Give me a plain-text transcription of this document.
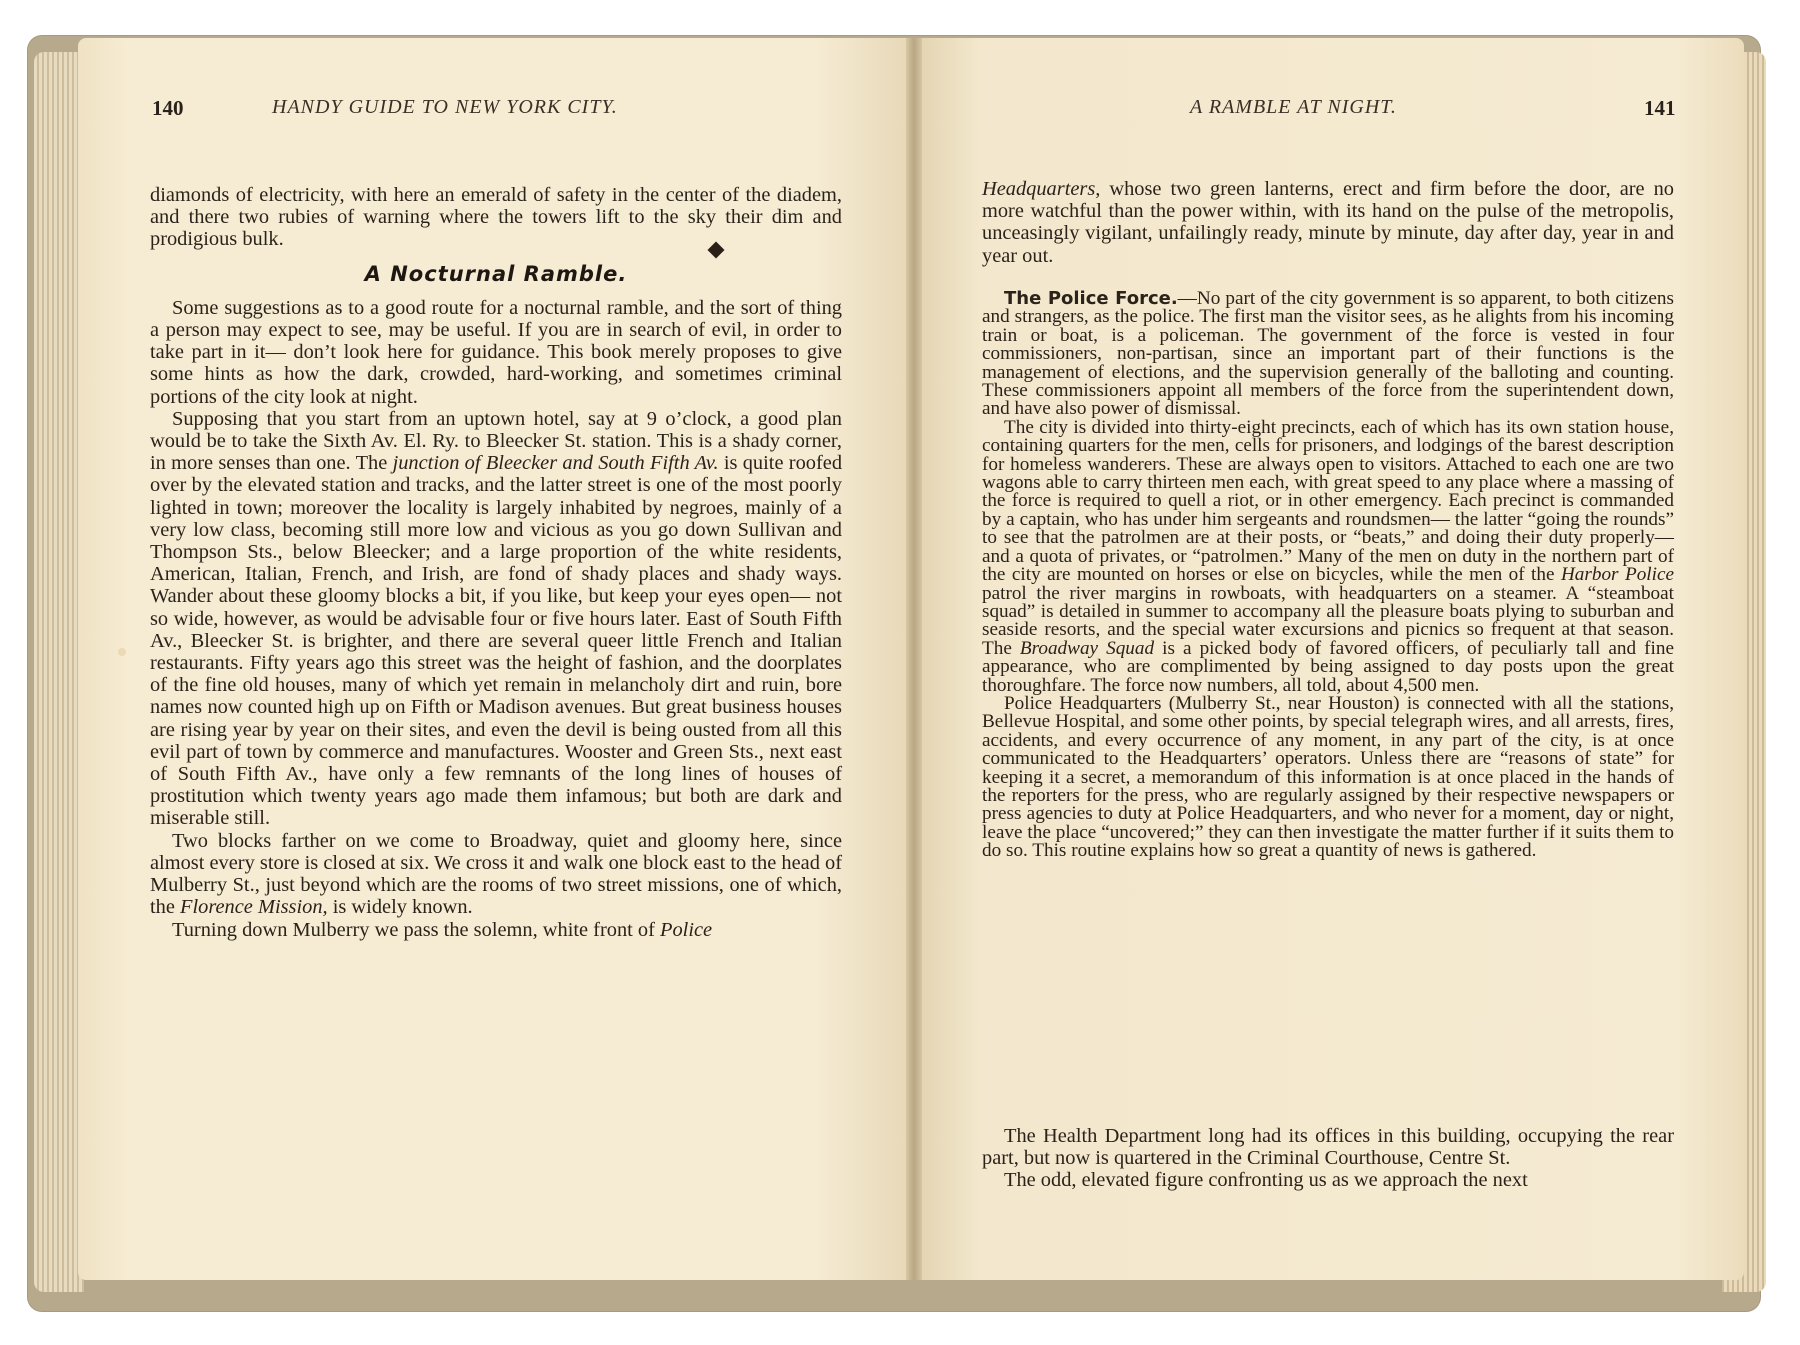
140	HANDY GUIDE TO NEW YORK CITY.

diamonds of electricity, with here an emerald of safety in the center of the diadem, and there two rubies of warning where the towers lift to the sky their dim and prodigious bulk.

A Nocturnal Ramble.

Some suggestions as to a good route for a nocturnal ramble, and the sort of thing a person may expect to see, may be useful. If you are in search of evil, in order to take part in it— don’t look here for guidance. This book merely proposes to give some hints as how the dark, crowded, hard-working, and sometimes criminal portions of the city look at night.

Supposing that you start from an uptown hotel, say at 9 o’clock, a good plan would be to take the Sixth Av. El. Ry. to Bleecker St. station. This is a shady corner, in more senses than one. The junction of Bleecker and South Fifth Av. is quite roofed over by the elevated station and tracks, and the latter street is one of the most poorly lighted in town; moreover the locality is largely inhabited by negroes, mainly of a very low class, becoming still more low and vicious as you go down Sullivan and Thompson Sts., below Bleecker; and a large proportion of the white residents, American, Italian, French, and Irish, are fond of shady places and shady ways. Wander about these gloomy blocks a bit, if you like, but keep your eyes open— not so wide, however, as would be advisable four or five hours later. East of South Fifth Av., Bleecker St. is brighter, and there are several queer little French and Italian restaurants. Fifty years ago this street was the height of fashion, and the doorplates of the fine old houses, many of which yet remain in melancholy dirt and ruin, bore names now counted high up on Fifth or Madison avenues. But great business houses are rising year by year on their sites, and even the devil is being ousted from all this evil part of town by commerce and manufactures. Wooster and Green Sts., next east of South Fifth Av., have only a few remnants of the long lines of houses of prostitution which twenty years ago made them infamous; but both are dark and miserable still.

Two blocks farther on we come to Broadway, quiet and gloomy here, since almost every store is closed at six. We cross it and walk one block east to the head of Mulberry St., just beyond which are the rooms of two street missions, one of which, the Florence Mission, is widely known.

Turning down Mulberry we pass the solemn, white front of Police

A RAMBLE AT NIGHT.	141

Headquarters, whose two green lanterns, erect and firm before the door, are no more watchful than the power within, with its hand on the pulse of the metropolis, unceasingly vigilant, unfailingly ready, minute by minute, day after day, year in and year out.

The Police Force.—No part of the city government is so apparent, to both citizens and strangers, as the police. The first man the visitor sees, as he alights from his incoming train or boat, is a policeman. The government of the force is vested in four commissioners, non-partisan, since an important part of their functions is the management of elections, and the supervision generally of the balloting and counting. These commissioners appoint all members of the force from the superintendent down, and have also power of dismissal.

The city is divided into thirty-eight precincts, each of which has its own station house, containing quarters for the men, cells for prisoners, and lodgings of the barest description for homeless wanderers. These are always open to visitors. Attached to each one are two wagons able to carry thirteen men each, with great speed to any place where a massing of the force is required to quell a riot, or in other emergency. Each precinct is commanded by a captain, who has under him sergeants and roundsmen— the latter “going the rounds” to see that the patrolmen are at their posts, or “beats,” and doing their duty properly— and a quota of privates, or “patrolmen.” Many of the men on duty in the northern part of the city are mounted on horses or else on bicycles, while the men of the Harbor Police patrol the river margins in rowboats, with headquarters on a steamer. A “steamboat squad” is detailed in summer to accompany all the pleasure boats plying to suburban and seaside resorts, and the special water excursions and picnics so frequent at that season. The Broadway Squad is a picked body of favored officers, of peculiarly tall and fine appearance, who are complimented by being assigned to day posts upon the great thoroughfare. The force now numbers, all told, about 4,500 men.

Police Headquarters (Mulberry St., near Houston) is connected with all the stations, Bellevue Hospital, and some other points, by special telegraph wires, and all arrests, fires, accidents, and every occurrence of any moment, in any part of the city, is at once communicated to the Headquarters’ operators. Unless there are “reasons of state” for keeping it a secret, a memorandum of this information is at once placed in the hands of the reporters for the press, who are regularly assigned by their respective newspapers or press agencies to duty at Police Headquarters, and who never for a moment, day or night, leave the place “uncovered;” they can then investigate the matter further if it suits them to do so. This routine explains how so great a quantity of news is gathered.

The Health Department long had its offices in this building, occupying the rear part, but now is quartered in the Criminal Courthouse, Centre St.

The odd, elevated figure confronting us as we approach the next
